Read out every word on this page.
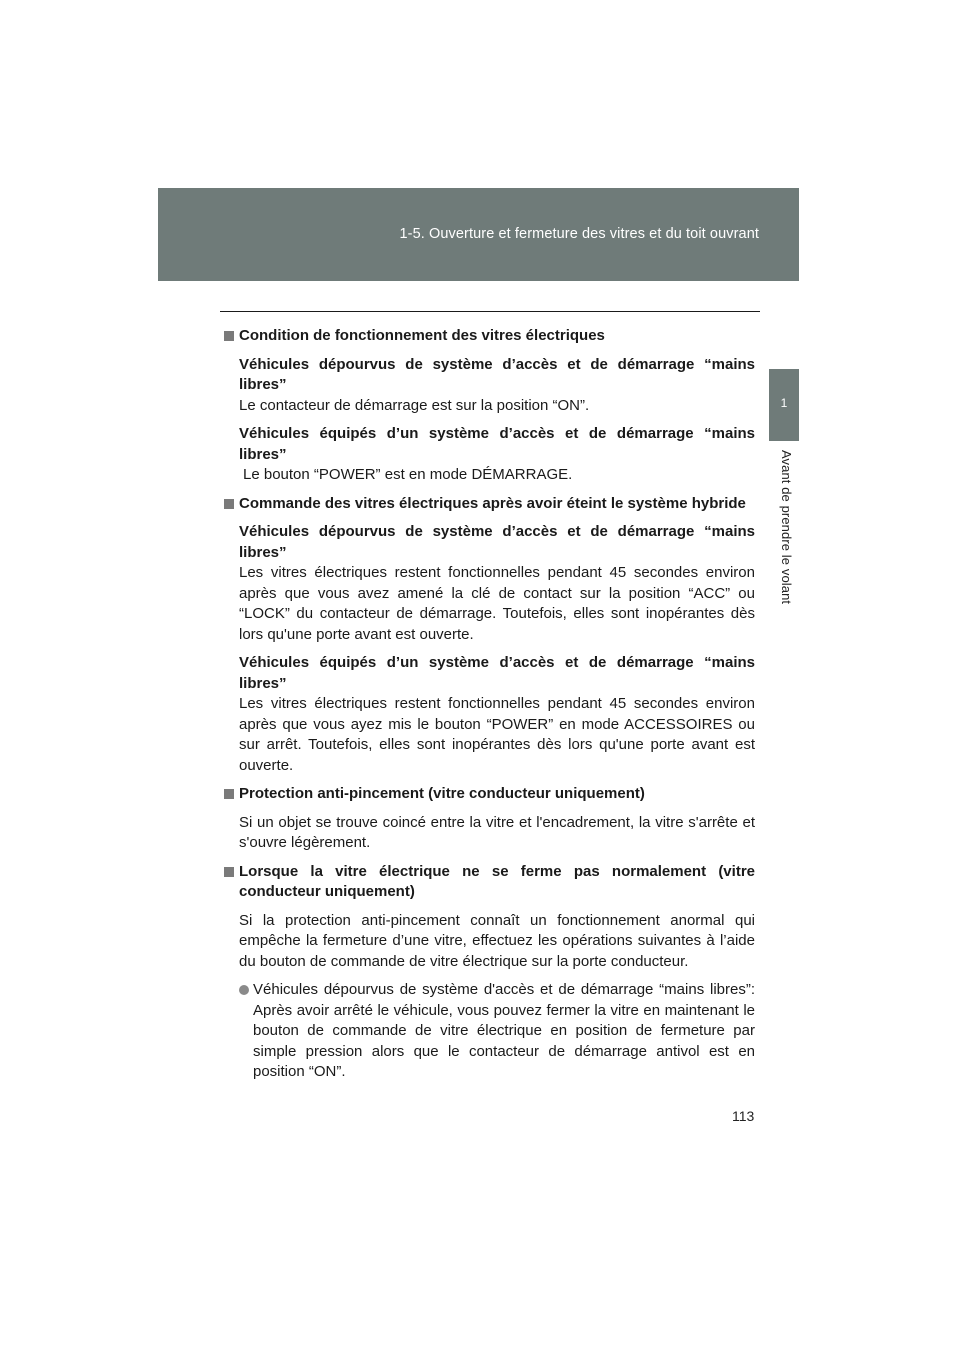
1-5. Ouverture et fermeture des vitres et du toit ouvrant
1
Avant de prendre le volant
Condition de fonctionnement des vitres électriques

Véhicules dépourvus de système d’accès et de démarrage “mains libres”

Le contacteur de démarrage est sur la position “ON”.

Véhicules équipés d’un système d’accès et de démarrage “mains libres”

Le bouton “POWER” est en mode DÉMARRAGE.

Commande des vitres électriques après avoir éteint le système hybride

Véhicules dépourvus de système d’accès et de démarrage “mains libres”

Les vitres électriques restent fonctionnelles pendant 45 secondes environ après que vous avez amené la clé de contact sur la position “ACC” ou “LOCK” du contacteur de démarrage. Toutefois, elles sont inopérantes dès lors qu'une porte avant est ouverte.

Véhicules équipés d’un système d’accès et de démarrage “mains libres”

Les vitres électriques restent fonctionnelles pendant 45 secondes environ après que vous ayez mis le bouton “POWER” en mode ACCESSOIRES ou sur arrêt. Toutefois, elles sont inopérantes dès lors qu'une porte avant est ouverte.

Protection anti-pincement (vitre conducteur uniquement)

Si un objet se trouve coincé entre la vitre et l'encadrement, la vitre s'arrête et s'ouvre légèrement.

Lorsque la vitre électrique ne se ferme pas normalement (vitre conducteur uniquement)

Si la protection anti-pincement connaît un fonctionnement anormal qui empêche la fermeture d’une vitre, effectuez les opérations suivantes à l’aide du bouton de commande de vitre électrique sur la porte conducteur.

Véhicules dépourvus de système d'accès et de démarrage “mains libres”: Après avoir arrêté le véhicule, vous pouvez fermer la vitre en maintenant le bouton de commande de vitre électrique en position de fermeture par simple pression alors que le contacteur de démarrage antivol est en position “ON”.
113
